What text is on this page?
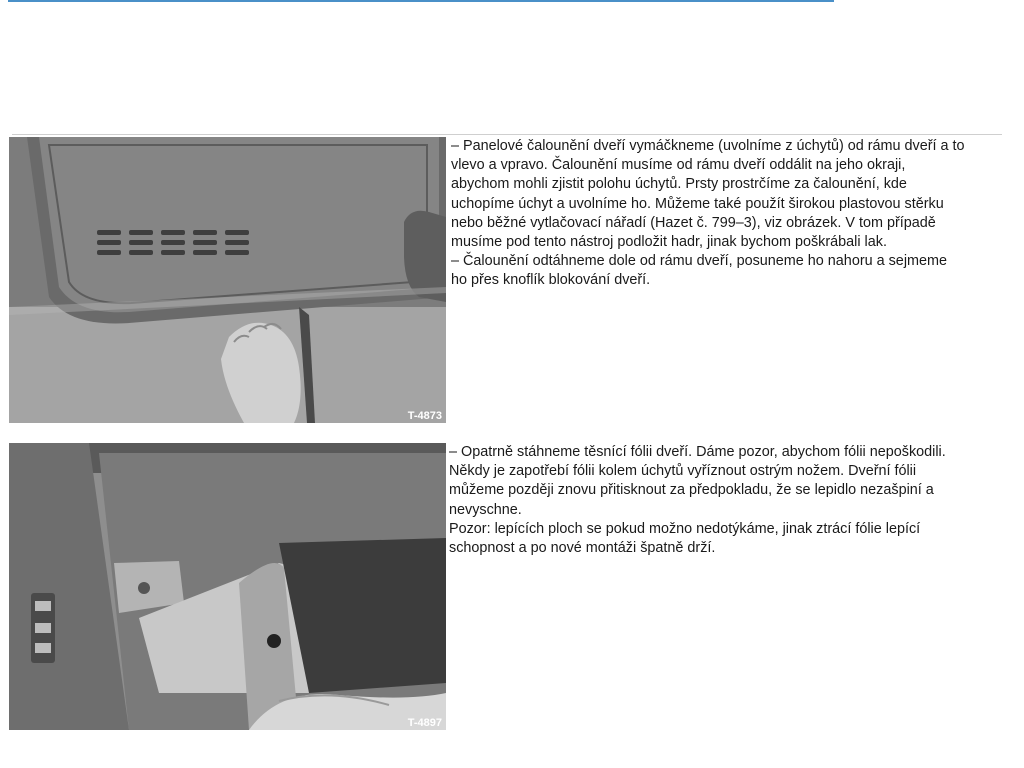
T-4873

– Panelové čalounění dveří vymáčkneme (uvolníme z úchytů) od rámu dveří a to

vlevo a vpravo. Čalounění musíme od rámu dveří oddálit na jeho okraji,

abychom mohli zjistit polohu úchytů. Prsty prostrčíme za čalounění, kde

uchopíme úchyt a uvolníme ho. Můžeme také použít širokou plastovou stěrku

nebo běžné vytlačovací nářadí (Hazet č. 799–3), viz obrázek. V tom případě

musíme pod tento nástroj podložit hadr, jinak bychom poškrábali lak.

– Čalounění odtáhneme dole od rámu dveří, posuneme ho nahoru a sejmeme

ho přes knoflík blokování dveří.

T-4897

– Opatrně stáhneme těsnící fólii dveří. Dáme pozor, abychom fólii nepoškodili.

Někdy je zapotřebí fólii kolem úchytů vyříznout ostrým nožem. Dveřní fólii

můžeme později znovu přitisknout za předpokladu, že se lepidlo nezašpiní a

nevyschne.

Pozor: lepících ploch se pokud možno nedotýkáme, jinak ztrácí fólie lepící

schopnost a po nové montáži špatně drží.
